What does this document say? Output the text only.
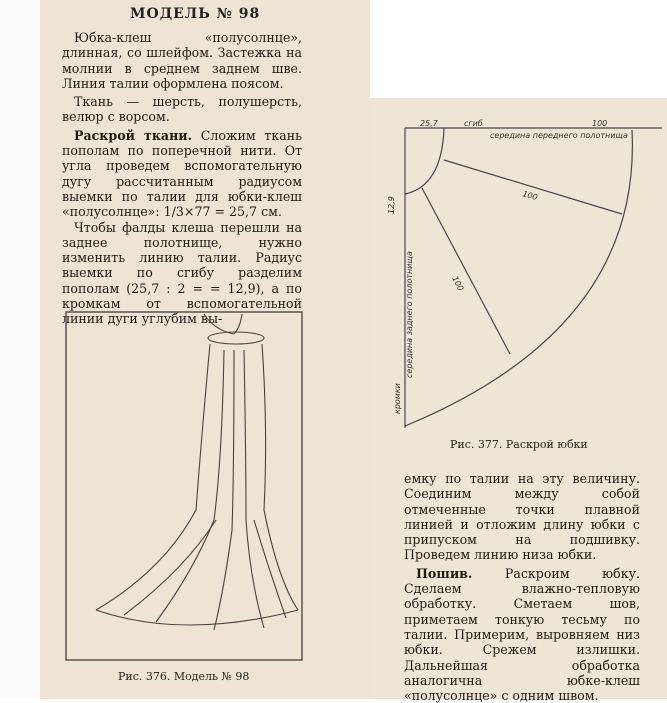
МОДЕЛЬ № 98

Юбка-клеш «полусолнце», длинная, со шлейфом. Застежка на молнии в среднем заднем шве. Линия талии оформлена поясом.

Ткань — шерсть, полушерсть, велюр с ворсом.

Раскрой ткани. Сложим ткань пополам по поперечной нити. От угла проведем вспомогательную дугу рассчитанным радиусом выемки по талии для юбки-клеш «полусолнце»: 1/3×77 = 25,7 см.

Чтобы фалды клеша перешли на заднее полотнище, нужно изменить линию талии. Радиус выемки по сгибу разделим пополам (25,7 : 2 = = 12,9), а по кромкам от вспомогательной линии дуги углубим вы-

Рис. 376. Модель № 98
25,7	сгиб	100
середина переднего полотнища
100
100
12,9
середина заднего полотнища
кромки
Рис. 377. Раскрой юбки

емку по талии на эту величину. Соединим между собой отмеченные точки плавной линией и отложим длину юбки с припуском на подшивку. Проведем линию низа юбки.

Пошив. Раскроим юбку. Сделаем влажно-тепловую обработку. Сметаем шов, приметаем тонкую тесьму по талии. Примерим, выровняем низ юбки. Срежем излишки. Дальнейшая обработка аналогична юбке-клеш «полусолнце» с одним швом.
